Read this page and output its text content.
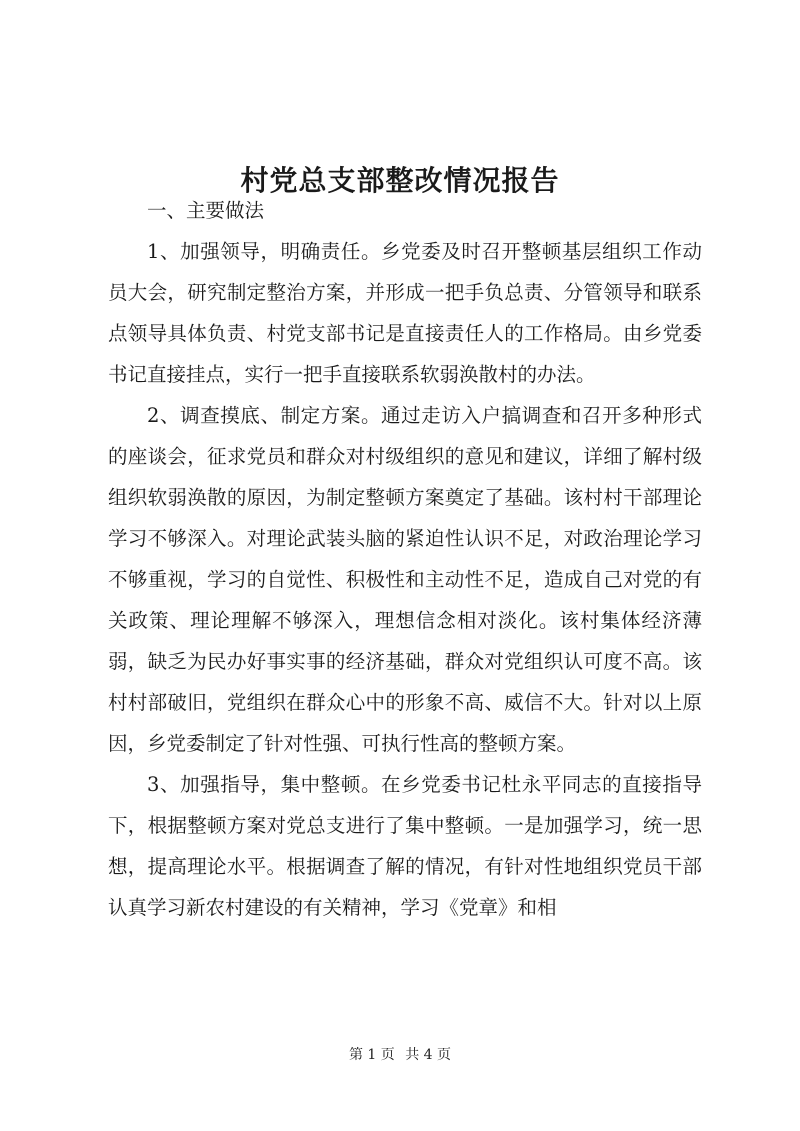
村党总支部整改情况报告

一、主要做法

1、加强领导，明确责任。乡党委及时召开整顿基层组织工作动员大会，研究制定整治方案，并形成一把手负总责、分管领导和联系点领导具体负责、村党支部书记是直接责任人的工作格局。由乡党委书记直接挂点，实行一把手直接联系软弱涣散村的办法。

2、调查摸底、制定方案。通过走访入户搞调查和召开多种形式的座谈会，征求党员和群众对村级组织的意见和建议，详细了解村级组织软弱涣散的原因，为制定整顿方案奠定了基础。该村村干部理论学习不够深入。对理论武装头脑的紧迫性认识不足，对政治理论学习不够重视，学习的自觉性、积极性和主动性不足，造成自己对党的有关政策、理论理解不够深入，理想信念相对淡化。该村集体经济薄弱，缺乏为民办好事实事的经济基础，群众对党组织认可度不高。该村村部破旧，党组织在群众心中的形象不高、威信不大。针对以上原因，乡党委制定了针对性强、可执行性高的整顿方案。

3、加强指导，集中整顿。在乡党委书记杜永平同志的直接指导下，根据整顿方案对党总支进行了集中整顿。一是加强学习，统一思想，提高理论水平。根据调查了解的情况，有针对性地组织党员干部认真学习新农村建设的有关精神，学习《党章》和相

第 1 页 共 4 页
